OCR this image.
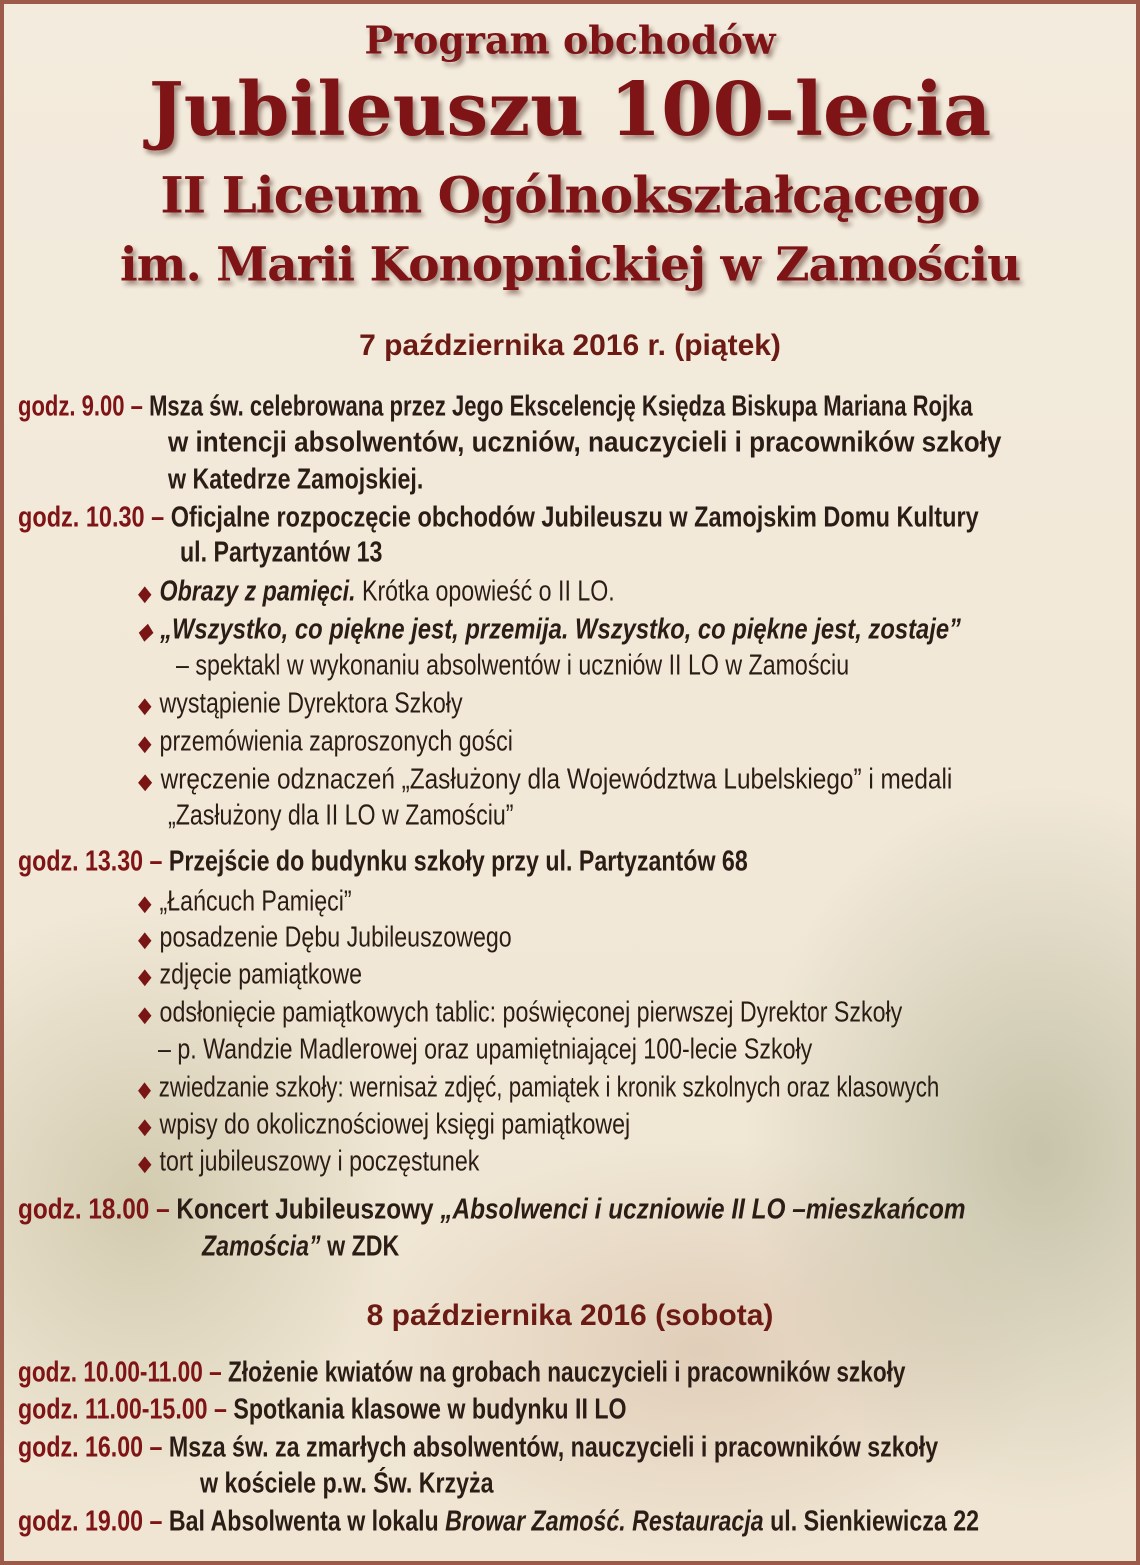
Program obchodów
Jubileuszu 100-lecia
II Liceum Ogólnokształcącego
im. Marii Konopnickiej w Zamościu
7 października 2016 r. (piątek)
godz. 9.00 – Msza św. celebrowana przez Jego Ekscelencję Księdza Biskupa Mariana Rojka
w intencji absolwentów, uczniów, nauczycieli i pracowników szkoły
w Katedrze Zamojskiej.
godz. 10.30 – Oficjalne rozpoczęcie obchodów Jubileuszu w Zamojskim Domu Kultury
ul. Partyzantów 13
◆ Obrazy z pamięci. Krótka opowieść o II LO.
◆ „Wszystko, co piękne jest, przemija. Wszystko, co piękne jest, zostaje”
– spektakl w wykonaniu absolwentów i uczniów II LO w Zamościu
◆ wystąpienie Dyrektora Szkoły
◆ przemówienia zaproszonych gości
◆ wręczenie odznaczeń „Zasłużony dla Województwa Lubelskiego” i medali
„Zasłużony dla II LO w Zamościu”
godz. 13.30 – Przejście do budynku szkoły przy ul. Partyzantów 68
◆ „Łańcuch Pamięci”
◆ posadzenie Dębu Jubileuszowego
◆ zdjęcie pamiątkowe
◆ odsłonięcie pamiątkowych tablic: poświęconej pierwszej Dyrektor Szkoły
– p. Wandzie Madlerowej oraz upamiętniającej 100-lecie Szkoły
◆ zwiedzanie szkoły: wernisaż zdjęć, pamiątek i kronik szkolnych oraz klasowych
◆ wpisy do okolicznościowej księgi pamiątkowej
◆ tort jubileuszowy i poczęstunek
godz. 18.00 – Koncert Jubileuszowy „Absolwenci i uczniowie II LO –mieszkańcom
Zamościa” w ZDK
8 października 2016 (sobota)
godz. 10.00-11.00 – Złożenie kwiatów na grobach nauczycieli i pracowników szkoły
godz. 11.00-15.00 – Spotkania klasowe w budynku II LO
godz. 16.00 – Msza św. za zmarłych absolwentów, nauczycieli i pracowników szkoły
w kościele p.w. Św. Krzyża
godz. 19.00 – Bal Absolwenta w lokalu Browar Zamość. Restauracja ul. Sienkiewicza 22
